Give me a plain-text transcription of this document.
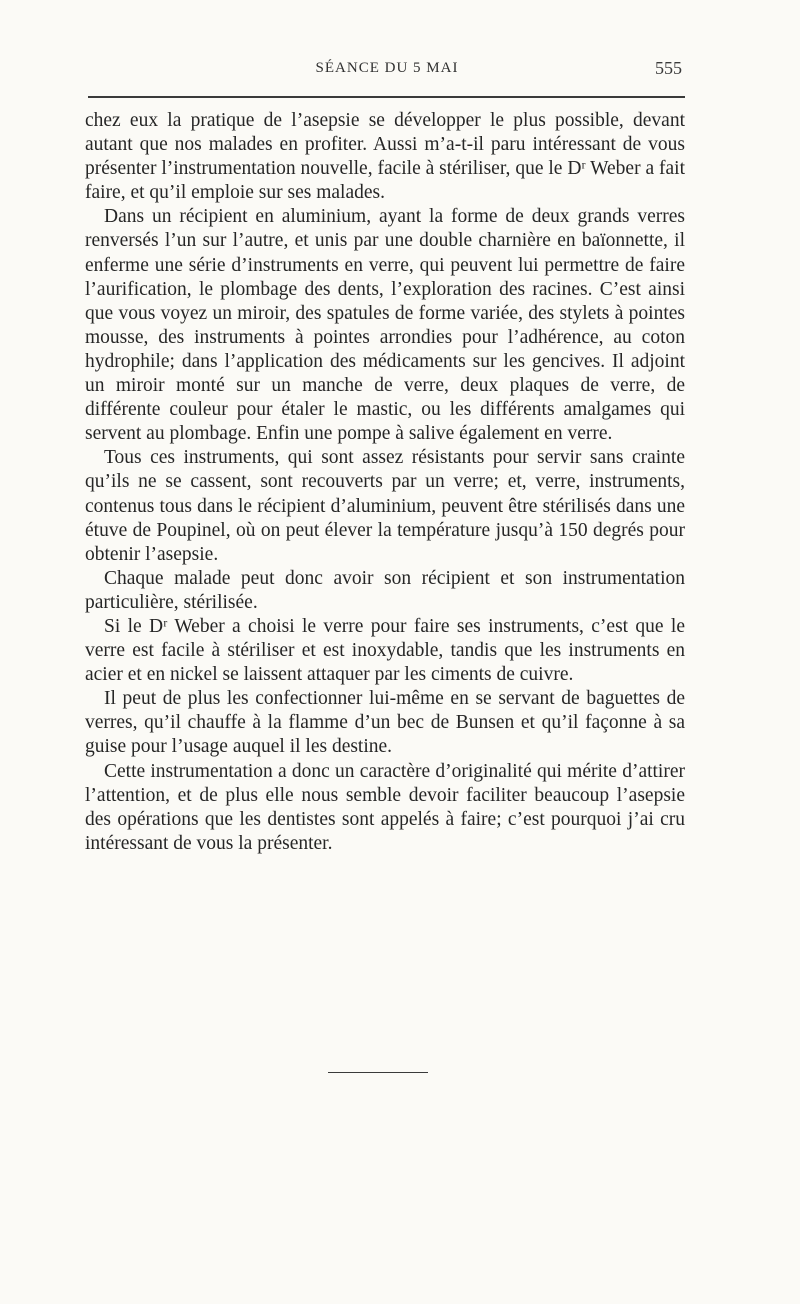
SÉANCE DU 5 MAI	555

chez eux la pratique de l’asepsie se développer le plus possible, devant autant que nos malades en profiter. Aussi m’a-t-il paru intéressant de vous présenter l’instrumentation nouvelle, facile à stériliser, que le Dʳ Weber a fait faire, et qu’il emploie sur ses malades.

Dans un récipient en aluminium, ayant la forme de deux grands verres renversés l’un sur l’autre, et unis par une double charnière en baïonnette, il enferme une série d’instruments en verre, qui peuvent lui permettre de faire l’aurification, le plombage des dents, l’exploration des racines. C’est ainsi que vous voyez un miroir, des spatules de forme variée, des stylets à pointes mousse, des instruments à pointes arrondies pour l’adhérence, au coton hydrophile; dans l’application des médicaments sur les gencives. Il adjoint un miroir monté sur un manche de verre, deux plaques de verre, de différente couleur pour étaler le mastic, ou les différents amalgames qui servent au plombage. Enfin une pompe à salive également en verre.

Tous ces instruments, qui sont assez résistants pour servir sans crainte qu’ils ne se cassent, sont recouverts par un verre; et, verre, instruments, contenus tous dans le récipient d’aluminium, peuvent être stérilisés dans une étuve de Poupinel, où on peut élever la température jusqu’à 150 degrés pour obtenir l’asepsie.

Chaque malade peut donc avoir son récipient et son instrumentation particulière, stérilisée.

Si le Dʳ Weber a choisi le verre pour faire ses instruments, c’est que le verre est facile à stériliser et est inoxydable, tandis que les instruments en acier et en nickel se laissent attaquer par les ciments de cuivre.

Il peut de plus les confectionner lui-même en se servant de baguettes de verres, qu’il chauffe à la flamme d’un bec de Bunsen et qu’il façonne à sa guise pour l’usage auquel il les destine.

Cette instrumentation a donc un caractère d’originalité qui mérite d’attirer l’attention, et de plus elle nous semble devoir faciliter beaucoup l’asepsie des opérations que les dentistes sont appelés à faire; c’est pourquoi j’ai cru intéressant de vous la présenter.
